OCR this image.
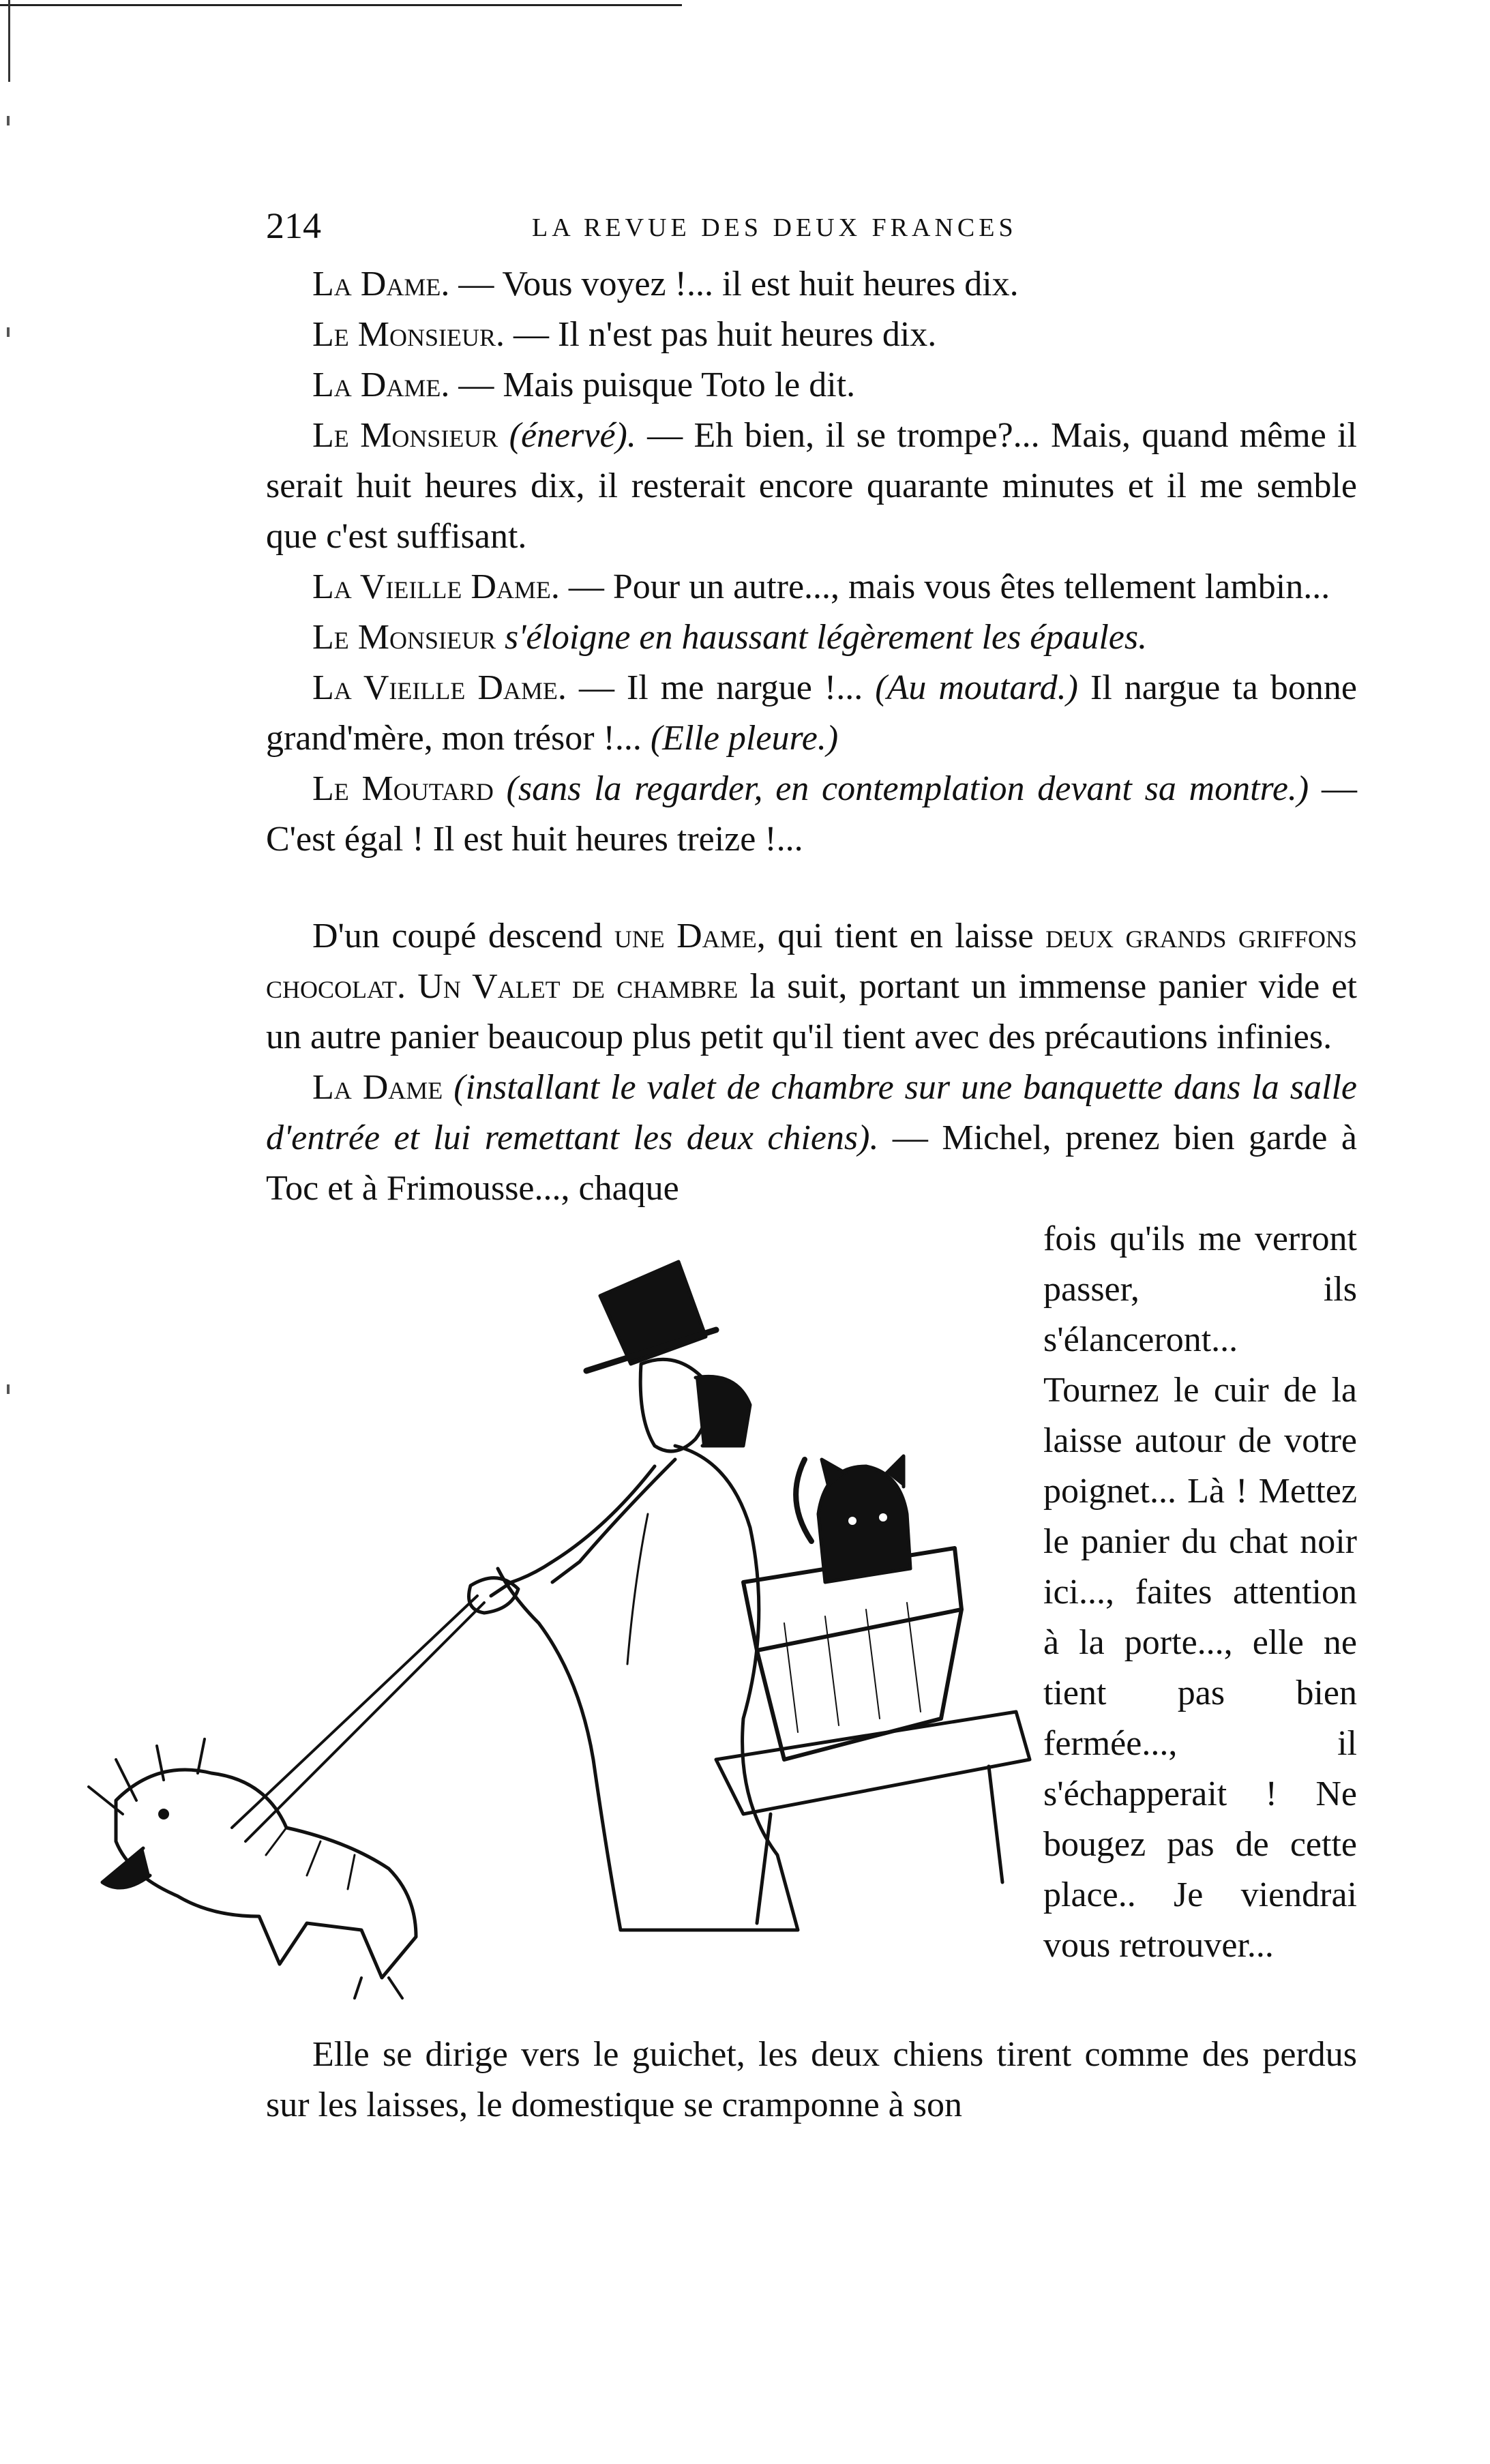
214	LA REVUE DES DEUX FRANCES

La Dame. — Vous voyez !... il est huit heures dix.

Le Monsieur. — Il n'est pas huit heures dix.

La Dame. — Mais puisque Toto le dit.

Le Monsieur (énervé). — Eh bien, il se trompe?... Mais, quand même il serait huit heures dix, il resterait encore quarante minutes et il me semble que c'est suffisant.

La Vieille Dame. — Pour un autre..., mais vous êtes tellement lambin...

Le Monsieur s'éloigne en haussant légèrement les épaules.

La Vieille Dame. — Il me nargue !... (Au moutard.) Il nargue ta bonne grand'mère, mon trésor !... (Elle pleure.)

Le Moutard (sans la regarder, en contemplation devant sa montre.) — C'est égal ! Il est huit heures treize !...

D'un coupé descend une Dame, qui tient en laisse deux grands griffons chocolat. Un Valet de chambre la suit, portant un immense panier vide et un autre panier beaucoup plus petit qu'il tient avec des précautions infinies.

La Dame (installant le valet de chambre sur une banquette dans la salle d'entrée et lui remettant les deux chiens). — Michel, prenez bien garde à Toc et à Frimousse..., chaque

fois qu'ils me verront passer, ils s'élanceront... Tournez le cuir de la laisse autour de votre poignet... Là ! Mettez le panier du chat noir ici..., faites attention à la porte..., elle ne tient pas bien fermée..., il s'échapperait ! Ne bougez pas de cette place.. Je viendrai vous retrouver...

Elle se dirige vers le guichet, les deux chiens tirent comme des perdus sur les laisses, le domestique se cramponne à son
